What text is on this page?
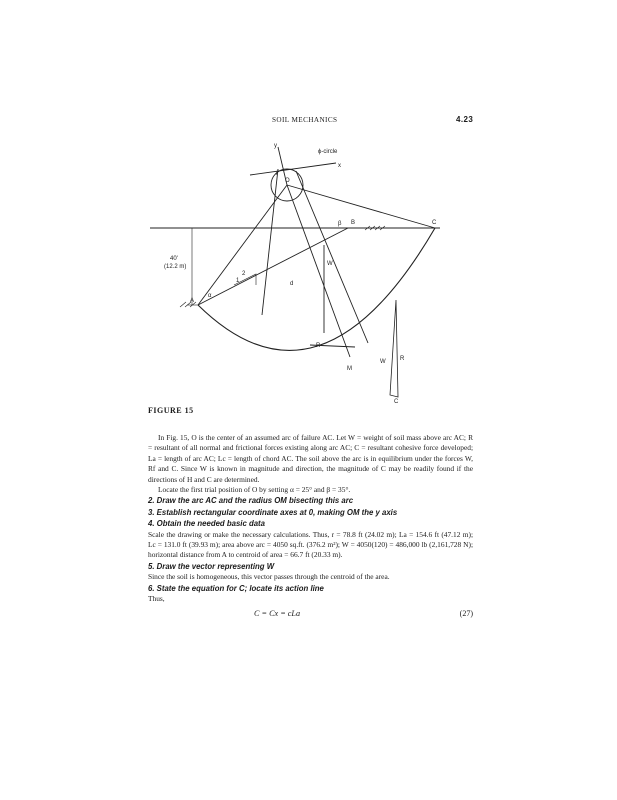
SOIL MECHANICS	4.23
ϕ-circle
x
y
O
r'
β
α
A
B	C
W
R
M
d
40'
(12.2 m)
1
2
W R
C
FIGURE 15

In Fig. 15, O is the center of an assumed arc of failure AC. Let W = weight of soil mass above arc AC; R = resultant of all normal and frictional forces existing along arc AC; C = resultant cohesive force developed; La = length of arc AC; Lc = length of chord AC. The soil above the arc is in equilibrium under the forces W, Rf and C. Since W is known in magnitude and direction, the magnitude of C may be readily found if the directions of H and C are determined.

Locate the first trial position of O by setting α = 25° and β = 35°.

2. Draw the arc AC and the radius OM bisecting this arc
3. Establish rectangular coordinate axes at 0, making OM the y axis
4. Obtain the needed basic data

Scale the drawing or make the necessary calculations. Thus, r = 78.8 ft (24.02 m); La = 154.6 ft (47.12 m); Lc = 131.0 ft (39.93 m); area above arc = 4050 sq.ft. (376.2 m²); W = 4050(120) = 486,000 lb (2,161,728 N); horizontal distance from A to centroid of area = 66.7 ft (20.33 m).

5. Draw the vector representing W

Since the soil is homogeneous, this vector passes through the centroid of the area.

6. State the equation for C; locate its action line

Thus,

C = Cx = cLa	(27)
